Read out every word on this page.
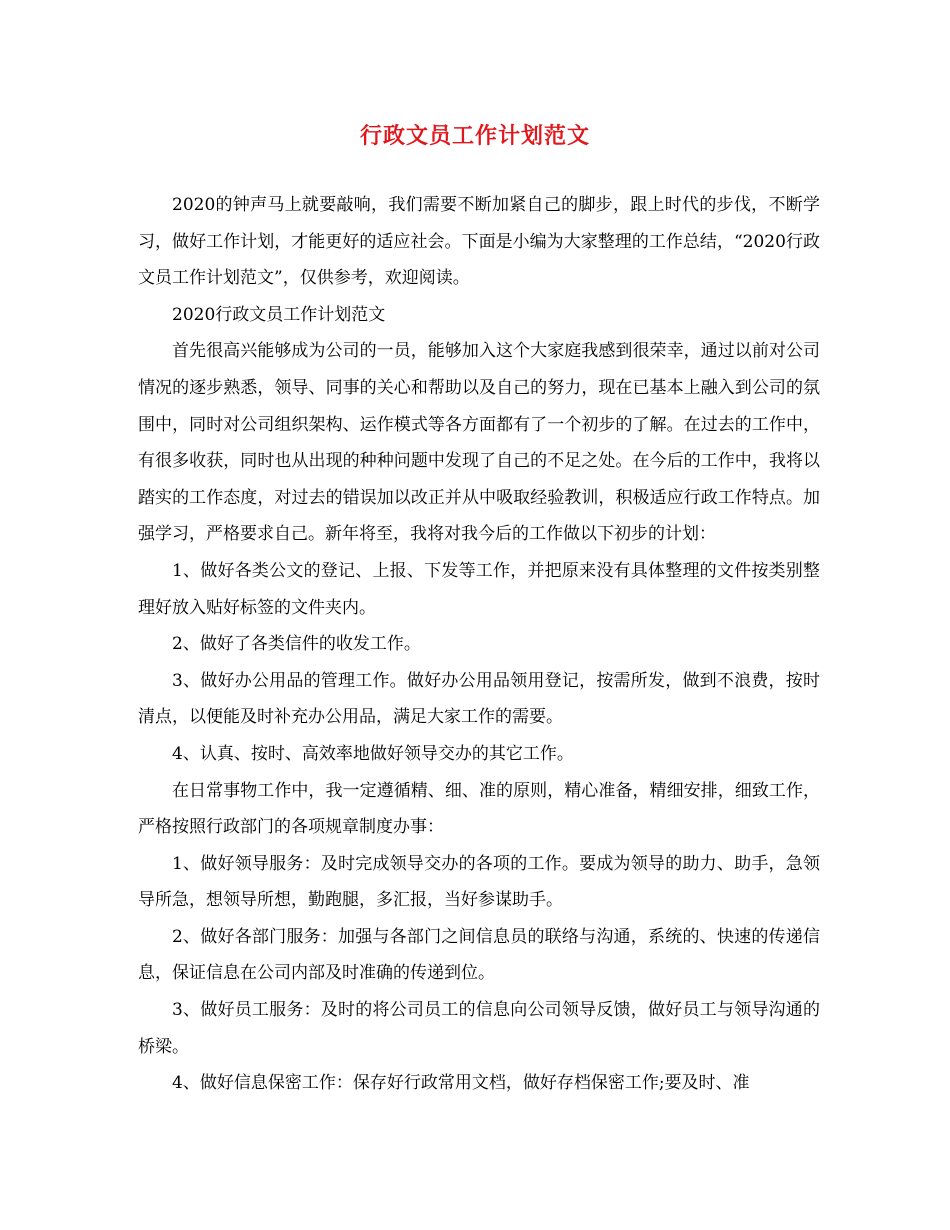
行政文员工作计划范文

2020的钟声马上就要敲响，我们需要不断加紧自己的脚步，跟上时代的步伐，不断学习，做好工作计划，才能更好的适应社会。下面是小编为大家整理的工作总结，“2020行政文员工作计划范文”，仅供参考，欢迎阅读。

2020行政文员工作计划范文

首先很高兴能够成为公司的一员，能够加入这个大家庭我感到很荣幸，通过以前对公司情况的逐步熟悉，领导、同事的关心和帮助以及自己的努力，现在已基本上融入到公司的氛围中，同时对公司组织架构、运作模式等各方面都有了一个初步的了解。在过去的工作中，有很多收获，同时也从出现的种种问题中发现了自己的不足之处。在今后的工作中，我将以踏实的工作态度，对过去的错误加以改正并从中吸取经验教训，积极适应行政工作特点。加强学习，严格要求自己。新年将至，我将对我今后的工作做以下初步的计划：

1、做好各类公文的登记、上报、下发等工作，并把原来没有具体整理的文件按类别整理好放入贴好标签的文件夹内。

2、做好了各类信件的收发工作。

3、做好办公用品的管理工作。做好办公用品领用登记，按需所发，做到不浪费，按时清点，以便能及时补充办公用品，满足大家工作的需要。

4、认真、按时、高效率地做好领导交办的其它工作。

在日常事物工作中，我一定遵循精、细、准的原则，精心准备，精细安排，细致工作，严格按照行政部门的各项规章制度办事：

1、做好领导服务：及时完成领导交办的各项的工作。要成为领导的助力、助手，急领导所急，想领导所想，勤跑腿，多汇报，当好参谋助手。

2、做好各部门服务：加强与各部门之间信息员的联络与沟通，系统的、快速的传递信息，保证信息在公司内部及时准确的传递到位。

3、做好员工服务：及时的将公司员工的信息向公司领导反馈，做好员工与领导沟通的桥梁。

4、做好信息保密工作：保存好行政常用文档，做好存档保密工作;要及时、准
